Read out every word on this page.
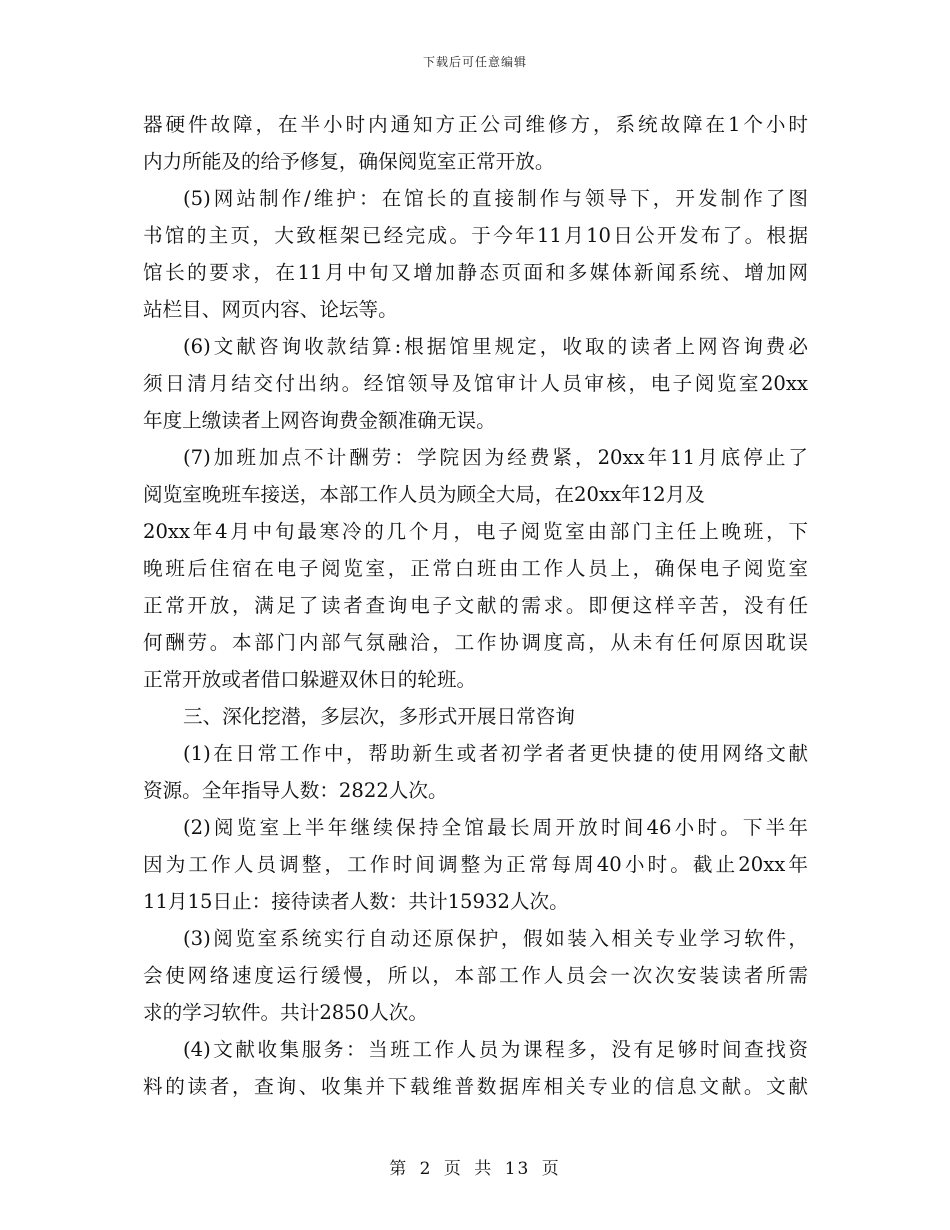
下载后可任意编辑
器硬件故障，在半小时内通知方正公司维修方，系统故障在1个小时
内力所能及的给予修复，确保阅览室正常开放。
(5)网站制作/维护：在馆长的直接制作与领导下，开发制作了图
书馆的主页，大致框架已经完成。于今年11月10日公开发布了。根据
馆长的要求，在11月中旬又增加静态页面和多媒体新闻系统、增加网
站栏目、网页内容、论坛等。
(6)文献咨询收款结算:根据馆里规定，收取的读者上网咨询费必
须日清月结交付出纳。经馆领导及馆审计人员审核，电子阅览室20xx
年度上缴读者上网咨询费金额准确无误。
(7)加班加点不计酬劳：学院因为经费紧，20xx年11月底停止了
阅览室晚班车接送，本部工作人员为顾全大局，在20xx年12月及
20xx年4月中旬最寒冷的几个月，电子阅览室由部门主任上晚班，下
晚班后住宿在电子阅览室，正常白班由工作人员上，确保电子阅览室
正常开放，满足了读者查询电子文献的需求。即便这样辛苦，没有任
何酬劳。本部门内部气氛融洽，工作协调度高，从未有任何原因耽误
正常开放或者借口躲避双休日的轮班。
三、深化挖潜，多层次，多形式开展日常咨询
(1)在日常工作中，帮助新生或者初学者者更快捷的使用网络文献
资源。全年指导人数：2822人次。
(2)阅览室上半年继续保持全馆最长周开放时间46小时。下半年
因为工作人员调整，工作时间调整为正常每周40小时。截止20xx年
11月15日止：接待读者人数：共计15932人次。
(3)阅览室系统实行自动还原保护，假如装入相关专业学习软件，
会使网络速度运行缓慢，所以，本部工作人员会一次次安装读者所需
求的学习软件。共计2850人次。
(4)文献收集服务：当班工作人员为课程多，没有足够时间查找资
料的读者，查询、收集并下载维普数据库相关专业的信息文献。文献
第 2 页 共 13 页
